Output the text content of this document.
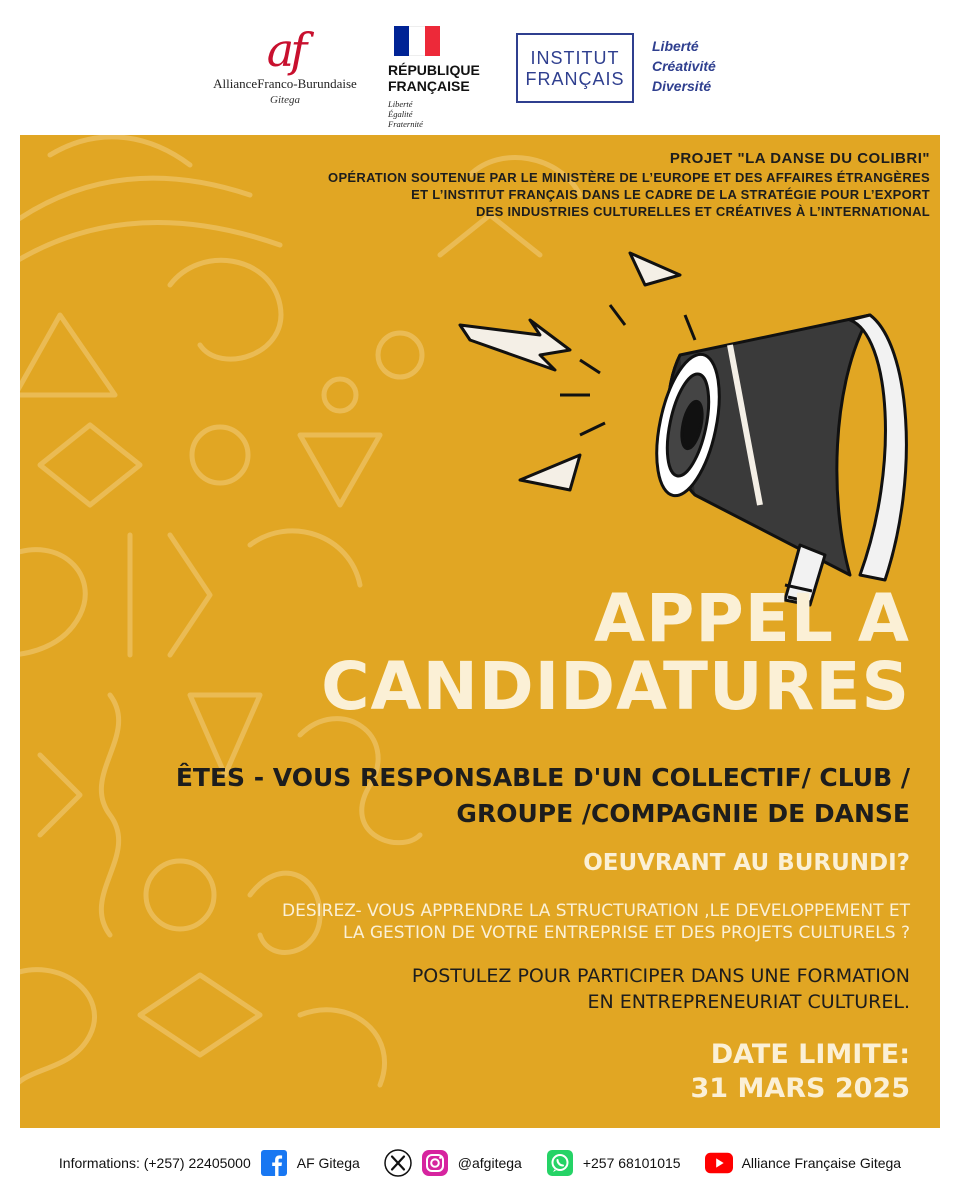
af
AllianceFranco-Burundaise
Gitega
RÉPUBLIQUE
FRANÇAISE
Liberté
Égalité
Fraternité
INSTITUT
FRANÇAIS
Liberté
Créativité
Diversité
PROJET "LA DANSE DU COLIBRI"
OPÉRATION SOUTENUE PAR LE MINISTÈRE DE L’EUROPE ET DES AFFAIRES ÉTRANGÈRES
ET L’INSTITUT FRANÇAIS DANS LE CADRE DE LA STRATÉGIE POUR L’EXPORT
DES INDUSTRIES CULTURELLES ET CRÉATIVES À L’INTERNATIONAL
APPEL A
CANDIDATURES
ÊTES - VOUS RESPONSABLE D'UN COLLECTIF/ CLUB /
GROUPE /COMPAGNIE DE DANSE
OEUVRANT AU BURUNDI?
DESIREZ- VOUS APPRENDRE LA STRUCTURATION ,LE DEVELOPPEMENT ET
LA GESTION DE VOTRE ENTREPRISE ET DES PROJETS CULTURELS ?
POSTULEZ POUR PARTICIPER DANS UNE FORMATION
EN ENTREPRENEURIAT CULTUREL.
DATE LIMITE:
31 MARS 2025
Informations: (+257) 22405000	AF Gitega	@afgitega	+257 68101015	Alliance Française Gitega
